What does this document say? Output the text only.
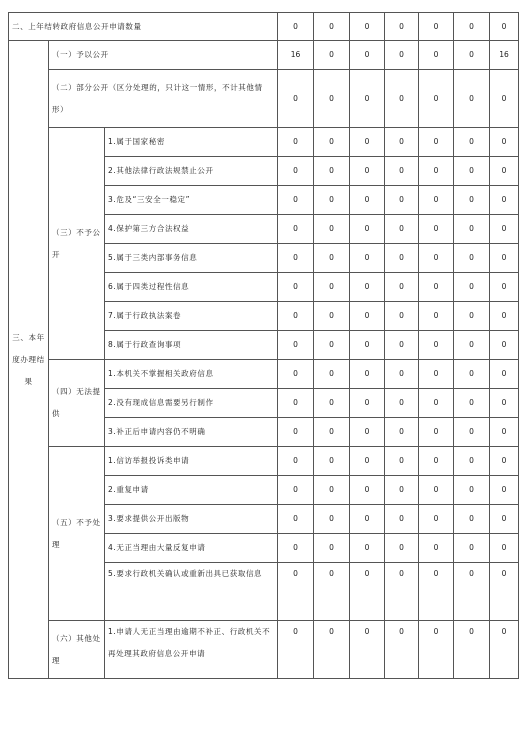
二、上年结转政府信息公开申请数量			0	0	0	0	0	0	0
三、本年度办理结果	（一）予以公开		16	0	0	0	0	0	16
	（二）部分公开（区分处理的，只计这一情形，不计其他情形）		0	0	0	0	0	0	0
	（三）不予公开	1.属于国家秘密	0	0	0	0	0	0	0
		2.其他法律行政法规禁止公开	0	0	0	0	0	0	0
		3.危及“三安全一稳定”	0	0	0	0	0	0	0
		4.保护第三方合法权益	0	0	0	0	0	0	0
		5.属于三类内部事务信息	0	0	0	0	0	0	0
		6.属于四类过程性信息	0	0	0	0	0	0	0
		7.属于行政执法案卷	0	0	0	0	0	0	0
		8.属于行政查询事项	0	0	0	0	0	0	0
	（四）无法提供	1.本机关不掌握相关政府信息	0	0	0	0	0	0	0
		2.没有现成信息需要另行制作	0	0	0	0	0	0	0
		3.补正后申请内容仍不明确	0	0	0	0	0	0	0
	（五）不予处理	1.信访举报投诉类申请	0	0	0	0	0	0	0
		2.重复申请	0	0	0	0	0	0	0
		3.要求提供公开出版物	0	0	0	0	0	0	0
		4.无正当理由大量反复申请	0	0	0	0	0	0	0
		5.要求行政机关确认或重新出具已获取信息	0	0	0	0	0	0	0
	（六）其他处理	1.申请人无正当理由逾期不补正、行政机关不再处理其政府信息公开申请	0	0	0	0	0	0	0
